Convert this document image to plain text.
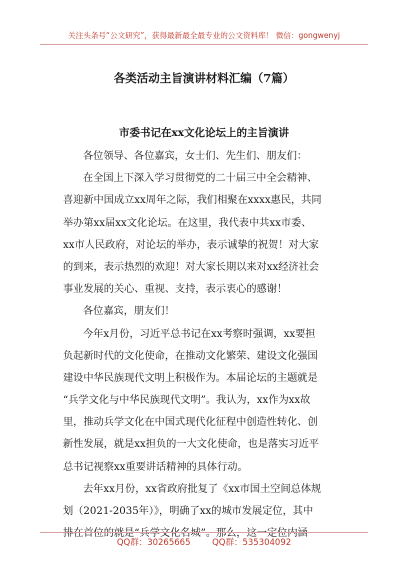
关注头条号“公文研究”，获得最新最全最专业的公文资料库！ 微信：gongwenyj
各类活动主旨演讲材料汇编（7篇）
市委书记在xx文化论坛上的主旨演讲
各位领导、各位嘉宾，女士们、先生们、朋友们：
在全国上下深入学习贯彻党的二十届三中全会精神、
喜迎新中国成立xx周年之际，我们相聚在xxxx惠民，共同
举办第xx届xx文化论坛。在这里，我代表中共xx市委、
xx市人民政府，对论坛的举办，表示诚挚的祝贺！对大家
的到来，表示热烈的欢迎！对大家长期以来对xx经济社会
事业发展的关心、重视、支持，表示衷心的感谢！
各位嘉宾，朋友们！
今年x月份，习近平总书记在xx考察时强调，xx要担
负起新时代的文化使命，在推动文化繁荣、建设文化强国
建设中华民族现代文明上积极作为。本届论坛的主题就是
“兵学文化与中华民族现代文明”。我认为，xx作为xx故
里，推动兵学文化在中国式现代化征程中创造性转化、创
新性发展，就是xx担负的一大文化使命，也是落实习近平
总书记视察xx重要讲话精神的具体行动。
去年xx月份，xx省政府批复了《xx市国土空间总体规
划（2021-2035年）》，明确了xx的城市发展定位，其中
排在首位的就是“兵学文化名城”。那么，这一定位内涵
QQ群：30265665        QQ群：535304092
